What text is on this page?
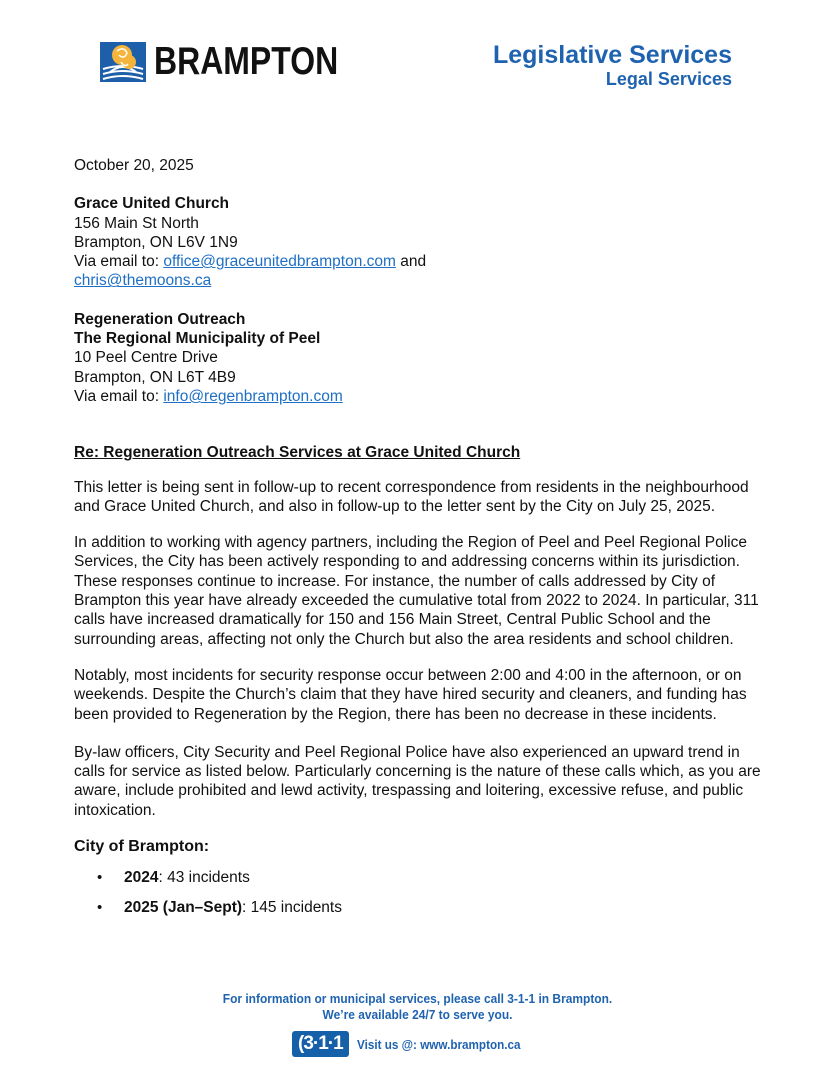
BRAMPTON	Legislative Services
Legal Services

October 20, 2025

Grace United Church
156 Main St North
Brampton, ON L6V 1N9
Via email to: office@graceunitedbrampton.com and
chris@themoons.ca
Regeneration Outreach
The Regional Municipality of Peel
10 Peel Centre Drive
Brampton, ON L6T 4B9
Via email to: info@regenbrampton.com
Re: Regeneration Outreach Services at Grace United Church

This letter is being sent in follow-up to recent correspondence from residents in the neighbourhood and Grace United Church, and also in follow-up to the letter sent by the City on July 25, 2025.

In addition to working with agency partners, including the Region of Peel and Peel Regional Police Services, the City has been actively responding to and addressing concerns within its jurisdiction. These responses continue to increase. For instance, the number of calls addressed by City of Brampton this year have already exceeded the cumulative total from 2022 to 2024. In particular, 311 calls have increased dramatically for 150 and 156 Main Street, Central Public School and the surrounding areas, affecting not only the Church but also the area residents and school children.

Notably, most incidents for security response occur between 2:00 and 4:00 in the afternoon, or on weekends. Despite the Church’s claim that they have hired security and cleaners, and funding has been provided to Regeneration by the Region, there has been no decrease in these incidents.

By-law officers, City Security and Peel Regional Police have also experienced an upward trend in calls for service as listed below. Particularly concerning is the nature of these calls which, as you are aware, include prohibited and lewd activity, trespassing and loitering, excessive refuse, and public intoxication.

City of Brampton:
• 2024: 43 incidents
• 2025 (Jan–Sept): 145 incidents
For information or municipal services, please call 3-1-1 in Brampton.
We’re available 24/7 to serve you.
(3·1·1	Visit us @: www.brampton.ca
